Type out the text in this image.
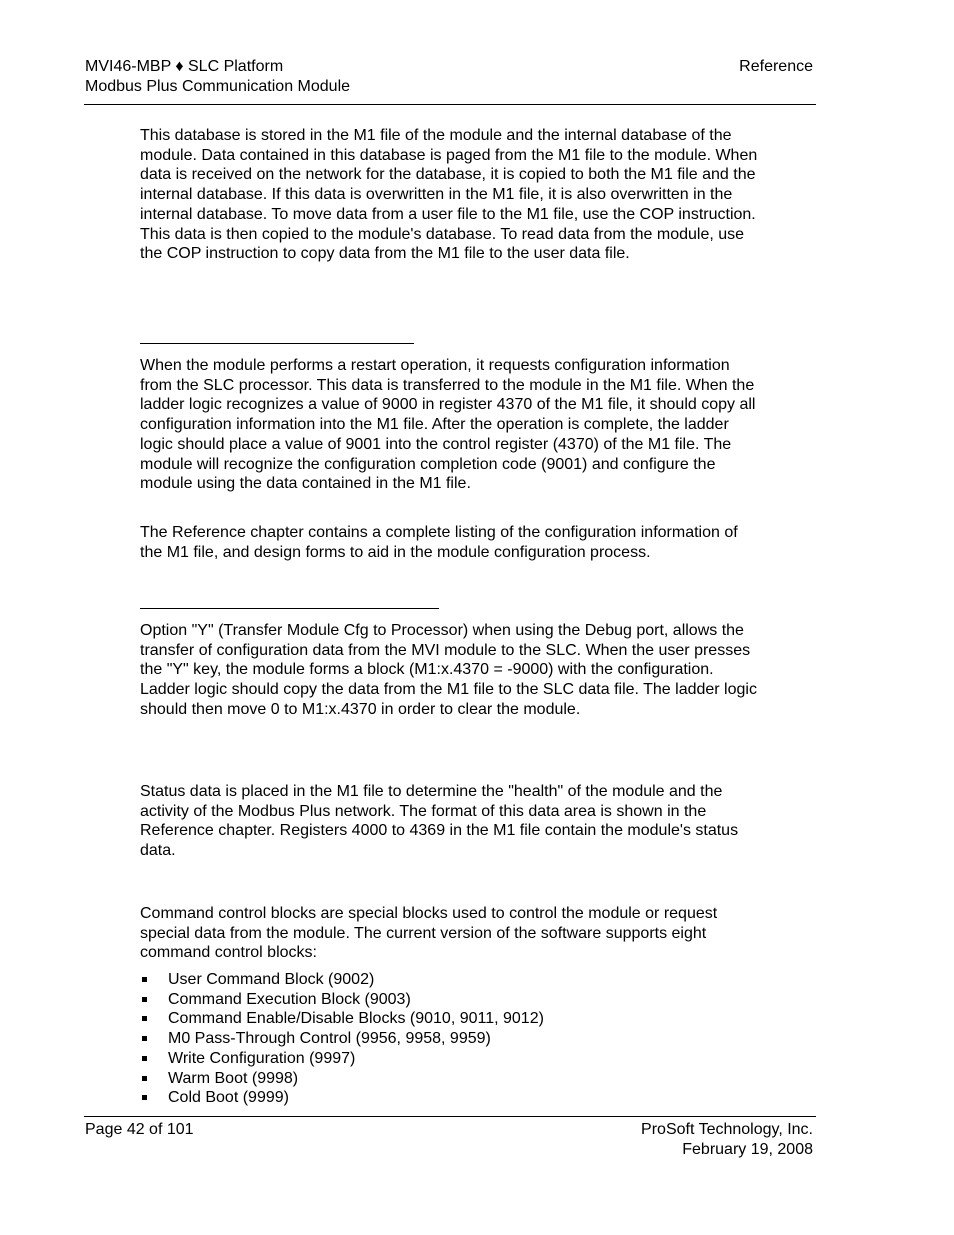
MVI46-MBP ♦ SLC Platform
Modbus Plus Communication Module
Reference

This database is stored in the M1 file of the module and the internal database of the module. Data contained in this database is paged from the M1 file to the module. When data is received on the network for the database, it is copied to both the M1 file and the internal database. If this data is overwritten in the M1 file, it is also overwritten in the internal database. To move data from a user file to the M1 file, use the COP instruction. This data is then copied to the module's database. To read data from the module, use the COP instruction to copy data from the M1 file to the user data file.

When the module performs a restart operation, it requests configuration information from the SLC processor. This data is transferred to the module in the M1 file. When the ladder logic recognizes a value of 9000 in register 4370 of the M1 file, it should copy all configuration information into the M1 file. After the operation is complete, the ladder logic should place a value of 9001 into the control register (4370) of the M1 file. The module will recognize the configuration completion code (9001) and configure the module using the data contained in the M1 file.

The Reference chapter contains a complete listing of the configuration information of the M1 file, and design forms to aid in the module configuration process.

Option "Y" (Transfer Module Cfg to Processor) when using the Debug port, allows the transfer of configuration data from the MVI module to the SLC. When the user presses the "Y" key, the module forms a block (M1:x.4370 = -9000) with the configuration. Ladder logic should copy the data from the M1 file to the SLC data file. The ladder logic should then move 0 to M1:x.4370 in order to clear the module.

Status data is placed in the M1 file to determine the "health" of the module and the activity of the Modbus Plus network. The format of this data area is shown in the Reference chapter. Registers 4000 to 4369 in the M1 file contain the module's status data.

Command control blocks are special blocks used to control the module or request special data from the module. The current version of the software supports eight command control blocks:

User Command Block (9002)
Command Execution Block (9003)
Command Enable/Disable Blocks (9010, 9011, 9012)
M0 Pass-Through Control (9956, 9958, 9959)
Write Configuration (9997)
Warm Boot (9998)
Cold Boot (9999)
Page 42 of 101	ProSoft Technology, Inc.
February 19, 2008
